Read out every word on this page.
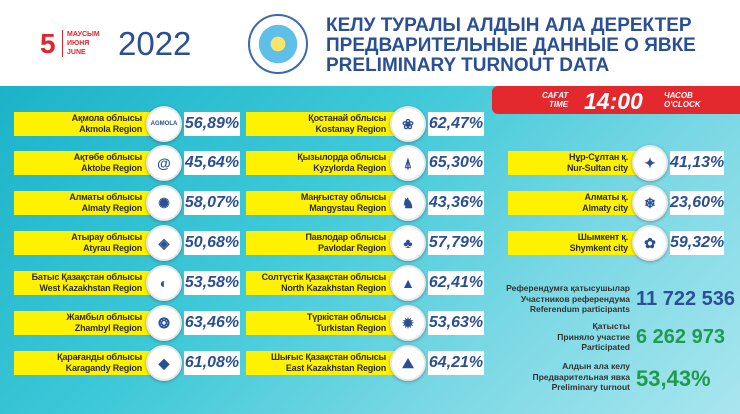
5 МАУСЫМ
ИЮНЯ
JUNE 2022	КЕЛУ ТУРАЛЫ АЛДЫН АЛА ДЕРЕКТЕР
ПРЕДВАРИТЕЛЬНЫЕ ДАННЫЕ О ЯВКЕ
PRELIMINARY TURNOUT DATA
САҒАТ
TIME 14:00	ЧАСОВ
O'CLOCK
Ақмола облысы
Akmola Region AGMOLA 56,89%
Ақтөбе облысы
Aktobe Region @ 45,64%
Алматы облысы
Almaty Region ✺ 58,07%
Атырау облысы
Atyrau Region ◈ 50,68%
Батыс Қазақстан облысы
West Kazakhstan Region ◐ 53,58%
Жамбыл облысы
Zhambyl Region ❂ 63,46%
Қарағанды облысы
Karagandy Region ◆ 61,08%
Қостанай облысы
Kostanay Region ❀ 62,47%
Қызылорда облысы
Kyzylorda Region ⍋ 65,30%
Маңғыстау облысы
Mangystau Region ♞ 43,36%
Павлодар облысы
Pavlodar Region ♣ 57,79%
Солтүстік Қазақстан облысы
North Kazakhstan Region ▲ 62,41%
Түркістан облысы
Turkistan Region ✹ 53,63%
Шығыс Қазақстан облысы
East Kazakhstan Region ⛰ 64,21%
Нұр-Сұлтан қ.
Nur-Sultan city ✦ 41,13%
Алматы қ.
Almaty city ❄ 23,60%
Шымкент қ.
Shymkent city ✿ 59,32%
Референдумға қатысушылар
Участников референдума
Referendum participants 11 722 536
Қатысты
Приняло участие
Participated 6 262 973
Алдын ала келу
Предварительная явка
Preliminary turnout 53,43%
